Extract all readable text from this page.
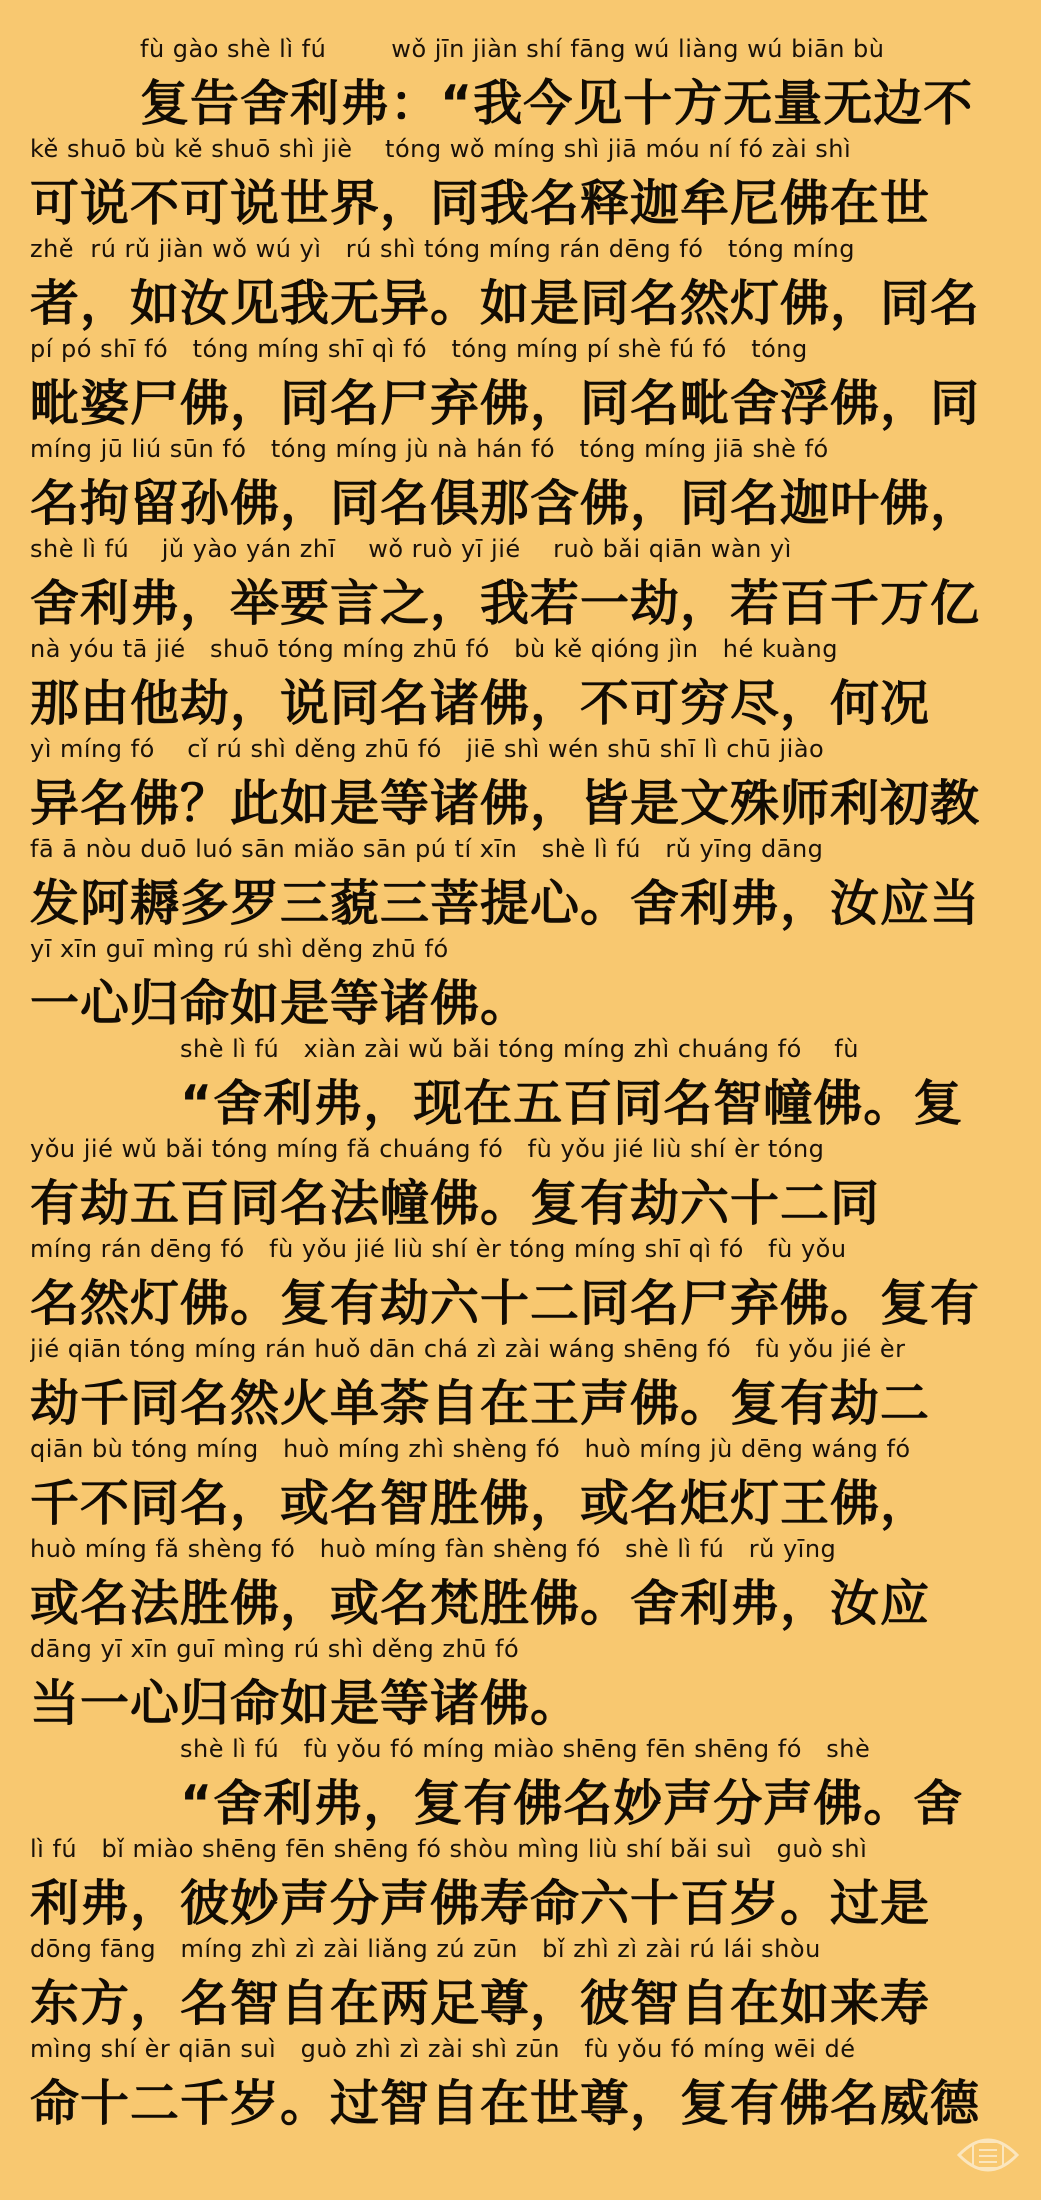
fù gào shè lì fú        wǒ jīn jiàn shí fāng wú liàng wú biān bù
复告舍利弗：“我今见十方无量无边不
kě shuō bù kě shuō shì jiè    tóng wǒ míng shì jiā móu ní fó zài shì
可说不可说世界，同我名释迦牟尼佛在世
zhě  rú rǔ jiàn wǒ wú yì   rú shì tóng míng rán dēng fó   tóng míng
者，如汝见我无异。如是同名然灯佛，同名
pí pó shī fó   tóng míng shī qì fó   tóng míng pí shè fú fó   tóng
毗婆尸佛，同名尸弃佛，同名毗舍浮佛，同
míng jū liú sūn fó   tóng míng jù nà hán fó   tóng míng jiā shè fó
名拘留孙佛，同名俱那含佛，同名迦叶佛，
shè lì fú    jǔ yào yán zhī    wǒ ruò yī jié    ruò bǎi qiān wàn yì
舍利弗，举要言之，我若一劫，若百千万亿
nà yóu tā jié   shuō tóng míng zhū fó   bù kě qióng jìn   hé kuàng
那由他劫，说同名诸佛，不可穷尽，何况
yì míng fó    cǐ rú shì děng zhū fó   jiē shì wén shū shī lì chū jiào
异名佛？此如是等诸佛，皆是文殊师利初教
fā ā nòu duō luó sān miǎo sān pú tí xīn   shè lì fú   rǔ yīng dāng
发阿耨多罗三藐三菩提心。舍利弗，汝应当
yī xīn guī mìng rú shì děng zhū fó
一心归命如是等诸佛。
shè lì fú   xiàn zài wǔ bǎi tóng míng zhì chuáng fó    fù
“舍利弗，现在五百同名智幢佛。复
yǒu jié wǔ bǎi tóng míng fǎ chuáng fó   fù yǒu jié liù shí èr tóng
有劫五百同名法幢佛。复有劫六十二同
míng rán dēng fó   fù yǒu jié liù shí èr tóng míng shī qì fó   fù yǒu
名然灯佛。复有劫六十二同名尸弃佛。复有
jié qiān tóng míng rán huǒ dān chá zì zài wáng shēng fó   fù yǒu jié èr
劫千同名然火单荼自在王声佛。复有劫二
qiān bù tóng míng   huò míng zhì shèng fó   huò míng jù dēng wáng fó
千不同名，或名智胜佛，或名炬灯王佛，
huò míng fǎ shèng fó   huò míng fàn shèng fó   shè lì fú   rǔ yīng
或名法胜佛，或名梵胜佛。舍利弗，汝应
dāng yī xīn guī mìng rú shì děng zhū fó
当一心归命如是等诸佛。
shè lì fú   fù yǒu fó míng miào shēng fēn shēng fó   shè
“舍利弗，复有佛名妙声分声佛。舍
lì fú   bǐ miào shēng fēn shēng fó shòu mìng liù shí bǎi suì   guò shì
利弗，彼妙声分声佛寿命六十百岁。过是
dōng fāng   míng zhì zì zài liǎng zú zūn   bǐ zhì zì zài rú lái shòu
东方，名智自在两足尊，彼智自在如来寿
mìng shí èr qiān suì   guò zhì zì zài shì zūn   fù yǒu fó míng wēi dé
命十二千岁。过智自在世尊，复有佛名威德
